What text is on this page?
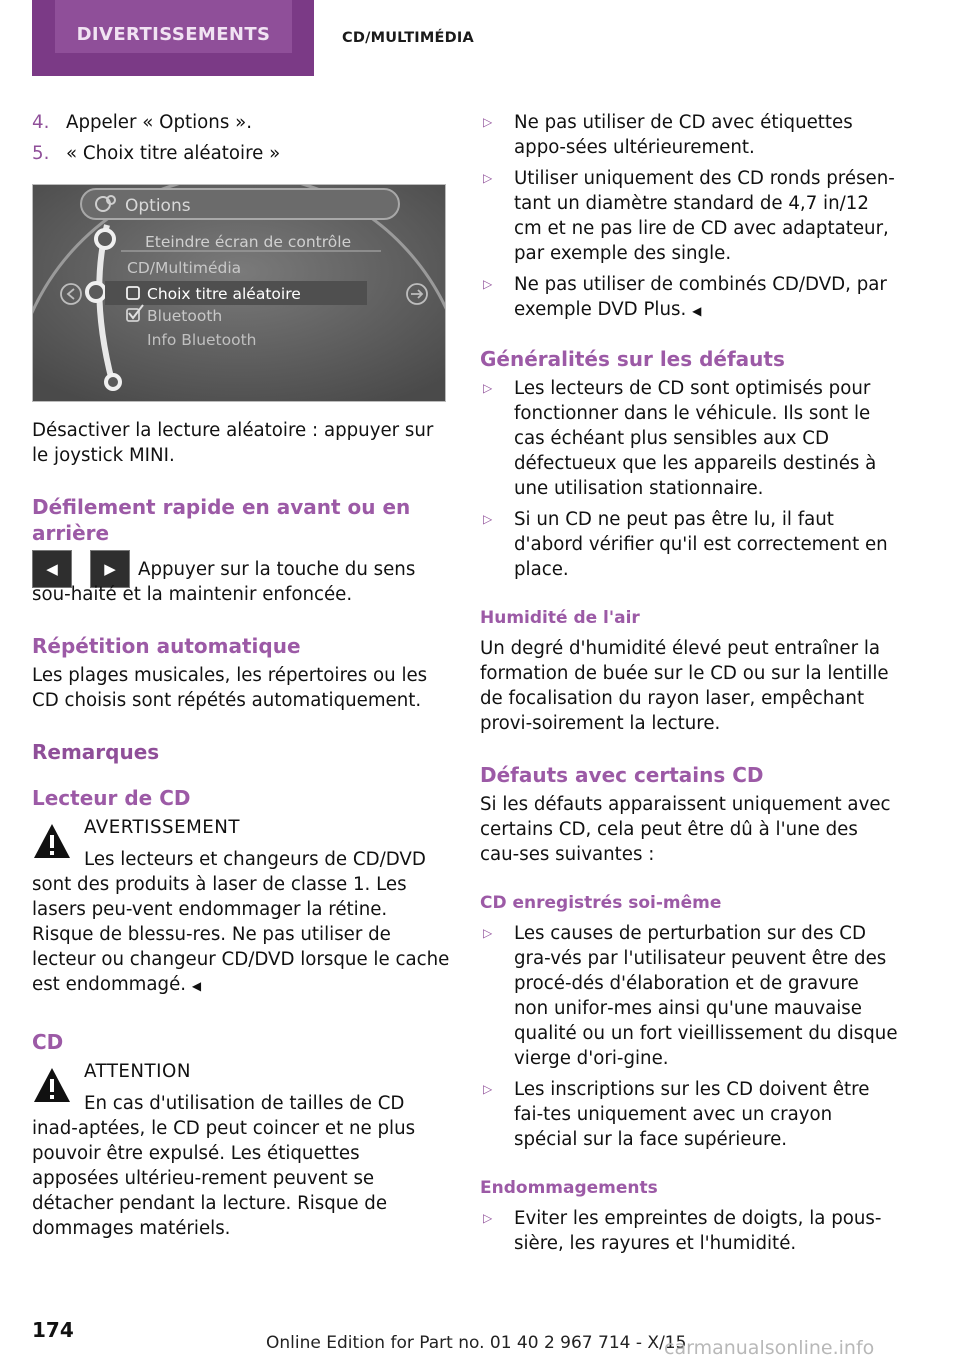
DIVERTISSEMENTS	CD/MULTIMÉDIA
4. Appeler « Options ».
5. « Choix titre aléatoire »
Options
Eteindre écran de contrôle
CD/Multimédia
Choix titre aléatoire
Bluetooth
Info Bluetooth

Désactiver la lecture aléatoire : appuyer sur le joystick MINI.

Défilement rapide en avant ou en arrière
◀	▶	Appuyer sur la touche du sens sou‐haité et la maintenir enfoncée.

Répétition automatique

Les plages musicales, les répertoires ou les CD choisis sont répétés automatiquement.

Remarques
Lecteur de CD
AVERTISSEMENT

Les lecteurs et changeurs de CD/DVD sont des produits à laser de classe 1. Les lasers peu‐vent endommager la rétine. Risque de blessu‐res. Ne pas utiliser de lecteur ou changeur CD/DVD lorsque le cache est endommagé. ◀

CD
ATTENTION

En cas d'utilisation de tailles de CD inad‐aptées, le CD peut coincer et ne plus pouvoir être expulsé. Les étiquettes apposées ultérieu‐rement peuvent se détacher pendant la lecture. Risque de dommages matériels.

▷	Ne pas utiliser de CD avec étiquettes appo‐sées ultérieurement.
▷	Utiliser uniquement des CD ronds présen‐tant un diamètre standard de 4,7 in/12 cm et ne pas lire de CD avec adaptateur, par exemple des single.
▷	Ne pas utiliser de combinés CD/DVD, par exemple DVD Plus. ◀
Généralités sur les défauts
▷	Les lecteurs de CD sont optimisés pour fonctionner dans le véhicule. Ils sont le cas échéant plus sensibles aux CD défectueux que les appareils destinés à une utilisation stationnaire.
▷	Si un CD ne peut pas être lu, il faut d'abord vérifier qu'il est correctement en place.
Humidité de l'air

Un degré d'humidité élevé peut entraîner la formation de buée sur le CD ou sur la lentille de focalisation du rayon laser, empêchant provi‐soirement la lecture.

Défauts avec certains CD

Si les défauts apparaissent uniquement avec certains CD, cela peut être dû à l'une des cau‐ses suivantes :

CD enregistrés soi-même
▷	Les causes de perturbation sur des CD gra‐vés par l'utilisateur peuvent être des procé‐dés d'élaboration et de gravure non unifor‐mes ainsi qu'une mauvaise qualité ou un fort vieillissement du disque vierge d'ori‐gine.
▷	Les inscriptions sur les CD doivent être fai‐tes uniquement avec un crayon spécial sur la face supérieure.
Endommagements
▷	Eviter les empreintes de doigts, la pous‐sière, les rayures et l'humidité.
174
Online Edition for Part no. 01 40 2 967 714 - X/15
carmanualsonline.info
